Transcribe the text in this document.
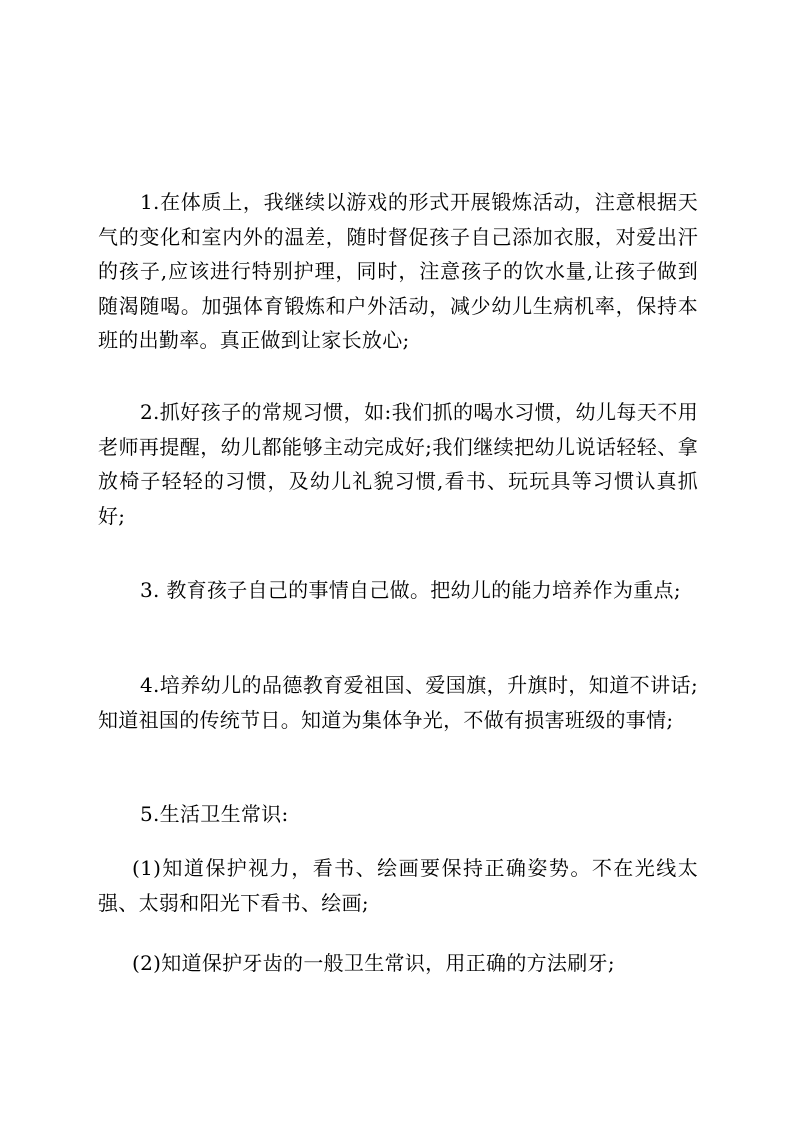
1.在体质上，我继续以游戏的形式开展锻炼活动，注意根据天气的变化和室内外的温差，随时督促孩子自己添加衣服，对爱出汗的孩子,应该进行特别护理，同时，注意孩子的饮水量,让孩子做到随渴随喝。加强体育锻炼和户外活动，减少幼儿生病机率，保持本班的出勤率。真正做到让家长放心;

2.抓好孩子的常规习惯，如:我们抓的喝水习惯，幼儿每天不用老师再提醒，幼儿都能够主动完成好;我们继续把幼儿说话轻轻、拿放椅子轻轻的习惯，及幼儿礼貌习惯,看书、玩玩具等习惯认真抓好;

3. 教育孩子自己的事情自己做。把幼儿的能力培养作为重点;

4.培养幼儿的品德教育爱祖国、爱国旗，升旗时，知道不讲话;知道祖国的传统节日。知道为集体争光，不做有损害班级的事情;

5.生活卫生常识:

(1)知道保护视力，看书、绘画要保持正确姿势。不在光线太强、太弱和阳光下看书、绘画;

(2)知道保护牙齿的一般卫生常识，用正确的方法刷牙;
